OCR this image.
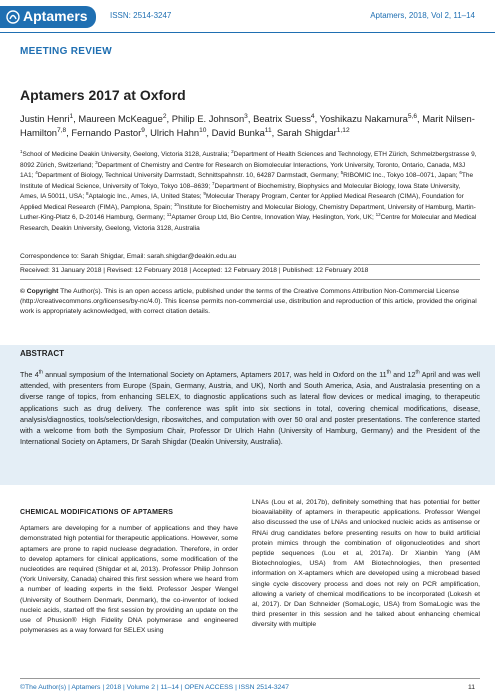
Aptamers	ISSN: 2514-3247	Aptamers, 2018, Vol 2, 11–14
MEETING REVIEW
Aptamers 2017 at Oxford
Justin Henri$^1$, Maureen McKeague$^2$, Philip E. Johnson$^3$, Beatrix Suess$^4$, Yoshikazu Nakamura$^{5,6}$, Marit Nilsen-Hamilton$^{7,8}$, Fernando Pastor$^9$, Ulrich Hahn$^{10}$, David Bunka$^{11}$, Sarah Shigdar$^{1,12}$
$^1$School of Medicine Deakin University, Geelong, Victoria 3128, Australia; $^2$Department of Health Sciences and Technology, ETH Zürich, Schmelzbergstrasse 9, 8092 Zürich, Switzerland; $^3$Department of Chemistry and Centre for Research on Biomolecular Interactions, York University, Toronto, Ontario, Canada, M3J 1A1; $^4$Department of Biology, Technical University Darmstadt, Schnittspahnstr. 10, 64287 Darmstadt, Germany; $^5$RIBOMIC Inc., Tokyo 108–0071, Japan; $^6$The Institute of Medical Science, University of Tokyo, Tokyo 108–8639; $^7$Department of Biochemistry, Biophysics and Molecular Biology, Iowa State University, Ames, IA 50011, USA; $^8$Aptalogic Inc., Ames, IA, United States; $^9$Molecular Therapy Program, Center for Applied Medical Research (CIMA), Foundation for Applied Medical Research (FIMA), Pamplona, Spain; $^{10}$Institute for Biochemistry and Molecular Biology, Chemistry Department, University of Hamburg, Martin-Luther-King-Platz 6, D-20146 Hamburg, Germany; $^{11}$Aptamer Group Ltd, Bio Centre, Innovation Way, Heslington, York, UK; $^{12}$Centre for Molecular and Medical Research, Deakin University, Geelong, Victoria 3128, Australia
Correspondence to: Sarah Shigdar, Email: sarah.shigdar@deakin.edu.au
Received: 31 January 2018 | Revised: 12 February 2018 | Accepted: 12 February 2018 | Published: 12 February 2018
© Copyright The Author(s). This is an open access article, published under the terms of the Creative Commons Attribution Non-Commercial License (http://creativecommons.org/licenses/by-nc/4.0). This license permits non-commercial use, distribution and reproduction of this article, provided the original work is appropriately acknowledged, with correct citation details.
ABSTRACT
The 4th annual symposium of the International Society on Aptamers, Aptamers 2017, was held in Oxford on the 11th and 12th April and was well attended, with presenters from Europe (Spain, Germany, Austria, and UK), North and South America, Asia, and Australasia presenting on a diverse range of topics, from enhancing SELEX, to diagnostic applications such as lateral flow devices or medical imaging, to therapeutic applications such as drug delivery. The conference was split into six sections in total, covering chemical modifications, disease, analysis/diagnostics, tools/selection/design, riboswitches, and computation with over 50 oral and poster presentations. The conference started with a welcome from both the Symposium Chair, Professor Dr Ulrich Hahn (University of Hamburg, Germany) and the President of the International Society on Aptamers, Dr Sarah Shigdar (Deakin University, Australia).
CHEMICAL MODIFICATIONS OF APTAMERS
Aptamers are developing for a number of applications and they have demonstrated high potential for therapeutic applications. However, some aptamers are prone to rapid nuclease degradation. Therefore, in order to develop aptamers for clinical applications, some modification of the nucleotides are required (Shigdar et al, 2013). Professor Philip Johnson (York University, Canada) chaired this first session where we heard from a number of leading experts in the field. Professor Jesper Wengel (University of Southern Denmark, Denmark), the co-inventor of locked nucleic acids, started off the first session by providing an update on the use of Phusion® High Fidelity DNA polymerase and engineered polymerases as a way forward for SELEX using
LNAs (Lou et al, 2017b), definitely something that has potential for better bioavailability of aptamers in therapeutic applications. Professor Wengel also discussed the use of LNAs and unlocked nucleic acids as antisense or RNAi drug candidates before presenting results on how to build artificial protein mimics through the combination of oligonucleotides and short peptide sequences (Lou et al, 2017a). Dr Xianbin Yang (AM Biotechnologies, USA) from AM Biotechnologies, then presented information on X-aptamers which are developed using a microbead based single cycle discovery process and does not rely on PCR amplification, allowing a variety of chemical modifications to be incorporated (Lokesh et al, 2017). Dr Dan Schneider (SomaLogic, USA) from SomaLogic was the third presenter in this session and he talked about enhancing chemical diversity with multiple
©The Author(s) | Aptamers | 2018 | Volume 2 | 11–14 | OPEN ACCESS | ISSN 2514-3247	11
